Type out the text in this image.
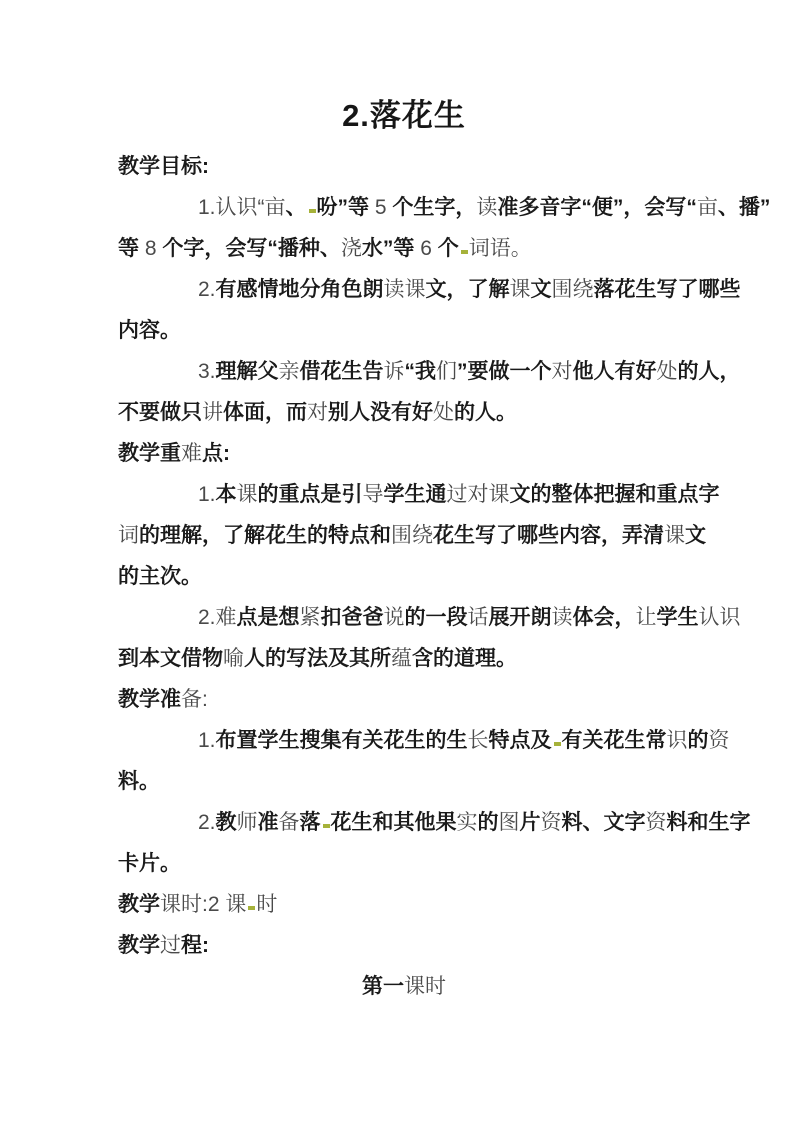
2.落花生
教学目标:
1.认识“亩、 吩”等 5 个生字，读准多音字“便”，会写“亩、播”
等 8 个字，会写“播种、浇水”等 6 个 词语。
2.有感情地分角色朗读课文，了解课文围绕落花生写了哪些
内容。
3.理解父亲借花生告诉“我们”要做一个对他人有好处的人，
不要做只讲体面，而对别人没有好处的人。
教学重难点:
1.本课的重点是引导学生通过对课文的整体把握和重点字
词的理解，了解花生的特点和围绕花生写了哪些内容，弄清课文
的主次。
2.难点是想紧扣爸爸说的一段话展开朗读体会，让学生认识
到本文借物喻人的写法及其所蕴含的道理。
教学准备:
1.布置学生搜集有关花生的生长特点及 有关花生常识的资
料。
2.教师准备落 花生和其他果实的图片资料、文字资料和生字
卡片。
教学课时:2 课 时
教学过程:
第一课时
